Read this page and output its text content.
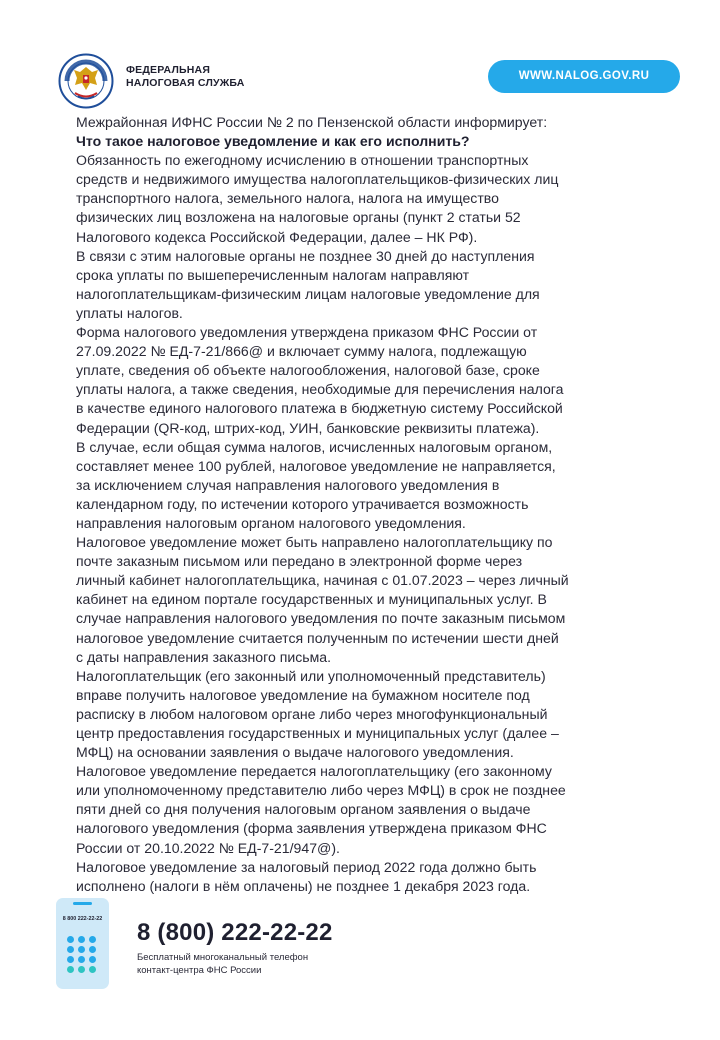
ФЕДЕРАЛЬНАЯ
НАЛОГОВАЯ СЛУЖБА
WWW.NALOG.GOV.RU

Межрайонная ИФНС России № 2 по Пензенской области информирует:

Что такое налоговое уведомление и как его исполнить?

Обязанность по ежегодному исчислению в отношении транспортных

средств и недвижимого имущества налогоплательщиков-физических лиц

транспортного налога, земельного налога, налога на имущество

физических лиц возложена на налоговые органы (пункт 2 статьи 52

Налогового кодекса Российской Федерации, далее – НК РФ).

В связи с этим налоговые органы не позднее 30 дней до наступления

срока уплаты по вышеперечисленным налогам направляют

налогоплательщикам-физическим лицам налоговые уведомление для

уплаты налогов.

Форма налогового уведомления утверждена приказом ФНС России от

27.09.2022 № ЕД-7-21/866@ и включает сумму налога, подлежащую

уплате, сведения об объекте налогообложения, налоговой базе, сроке

уплаты налога, а также сведения, необходимые для перечисления налога

в качестве единого налогового платежа в бюджетную систему Российской

Федерации (QR-код, штрих-код, УИН, банковские реквизиты платежа).

В случае, если общая сумма налогов, исчисленных налоговым органом,

составляет менее 100 рублей, налоговое уведомление не направляется,

за исключением случая направления налогового уведомления в

календарном году, по истечении которого утрачивается возможность

направления налоговым органом налогового уведомления.

Налоговое уведомление может быть направлено налогоплательщику по

почте заказным письмом или передано в электронной форме через

личный кабинет налогоплательщика, начиная с 01.07.2023 – через личный

кабинет на едином портале государственных и муниципальных услуг. В

случае направления налогового уведомления по почте заказным письмом

налоговое уведомление считается полученным по истечении шести дней

с даты направления заказного письма.

Налогоплательщик (его законный или уполномоченный представитель)

вправе получить налоговое уведомление на бумажном носителе под

расписку в любом налоговом органе либо через многофункциональный

центр предоставления государственных и муниципальных услуг (далее –

МФЦ) на основании заявления о выдаче налогового уведомления.

Налоговое уведомление передается налогоплательщику (его законному

или уполномоченному представителю либо через МФЦ) в срок не позднее

пяти дней со дня получения налоговым органом заявления о выдаче

налогового уведомления (форма заявления утверждена приказом ФНС

России от 20.10.2022 № ЕД-7-21/947@).

Налоговое уведомление за налоговый период 2022 года должно быть

исполнено (налоги в нём оплачены) не позднее 1 декабря 2023 года.

8 800 222-22-22 8 (800) 222-22-22
Бесплатный многоканальный телефон
контакт-центра ФНС России
